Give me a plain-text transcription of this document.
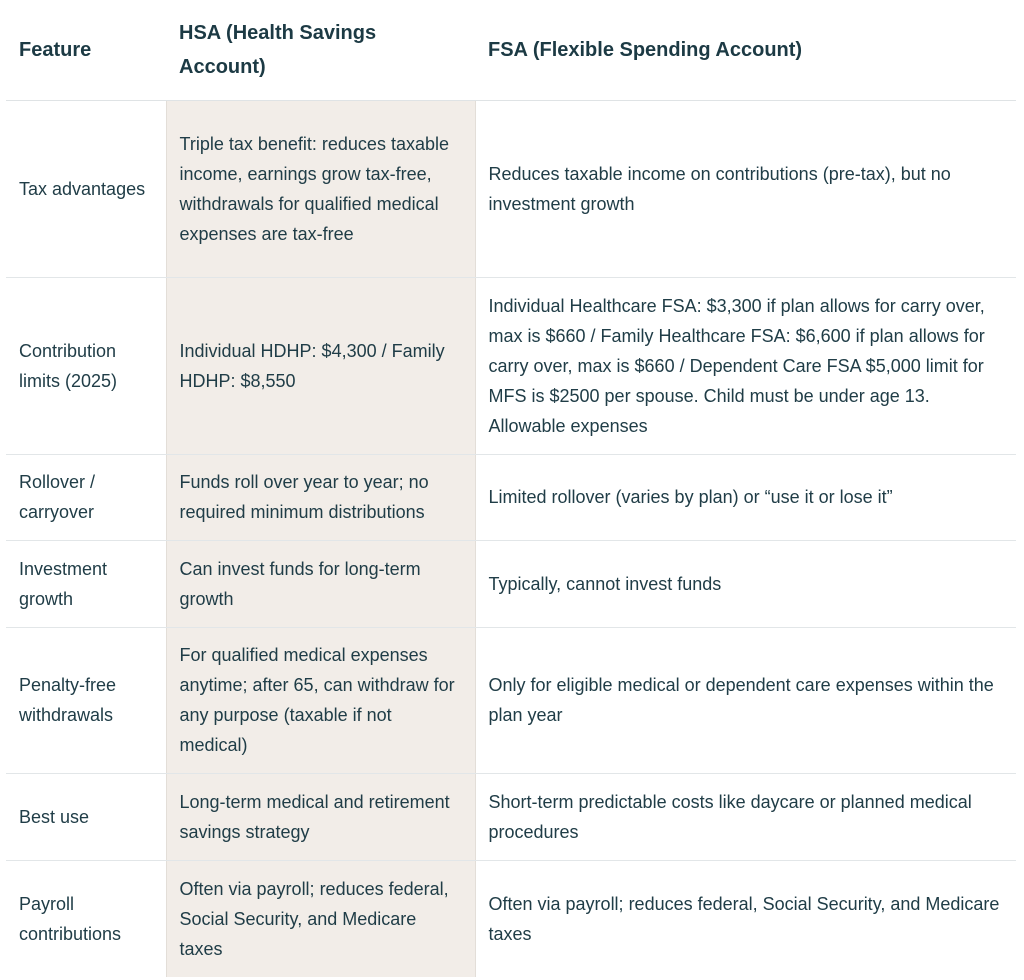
Feature	HSA (Health Savings Account)	FSA (Flexible Spending Account)
Tax advantages	Triple tax benefit: reduces taxable income, earnings grow tax-free, withdrawals for qualified medical expenses are tax-free	Reduces taxable income on contributions (pre-tax), but no investment growth
Contribution limits (2025)	Individual HDHP: $4,300 / Family HDHP: $8,550	Individual Healthcare FSA: $3,300 if plan allows for carry over, max is $660 / Family Healthcare FSA: $6,600 if plan allows for carry over, max is $660 / Dependent Care FSA $5,000 limit for MFS is $2500 per spouse. Child must be under age 13. Allowable expenses
Rollover / carryover	Funds roll over year to year; no required minimum distributions	Limited rollover (varies by plan) or “use it or lose it”
Investment growth	Can invest funds for long-term growth	Typically, cannot invest funds
Penalty-free withdrawals	For qualified medical expenses anytime; after 65, can withdraw for any purpose (taxable if not medical)	Only for eligible medical or dependent care expenses within the plan year
Best use	Long-term medical and retirement savings strategy	Short-term predictable costs like daycare or planned medical procedures
Payroll contributions	Often via payroll; reduces federal, Social Security, and Medicare taxes	Often via payroll; reduces federal, Social Security, and Medicare taxes
